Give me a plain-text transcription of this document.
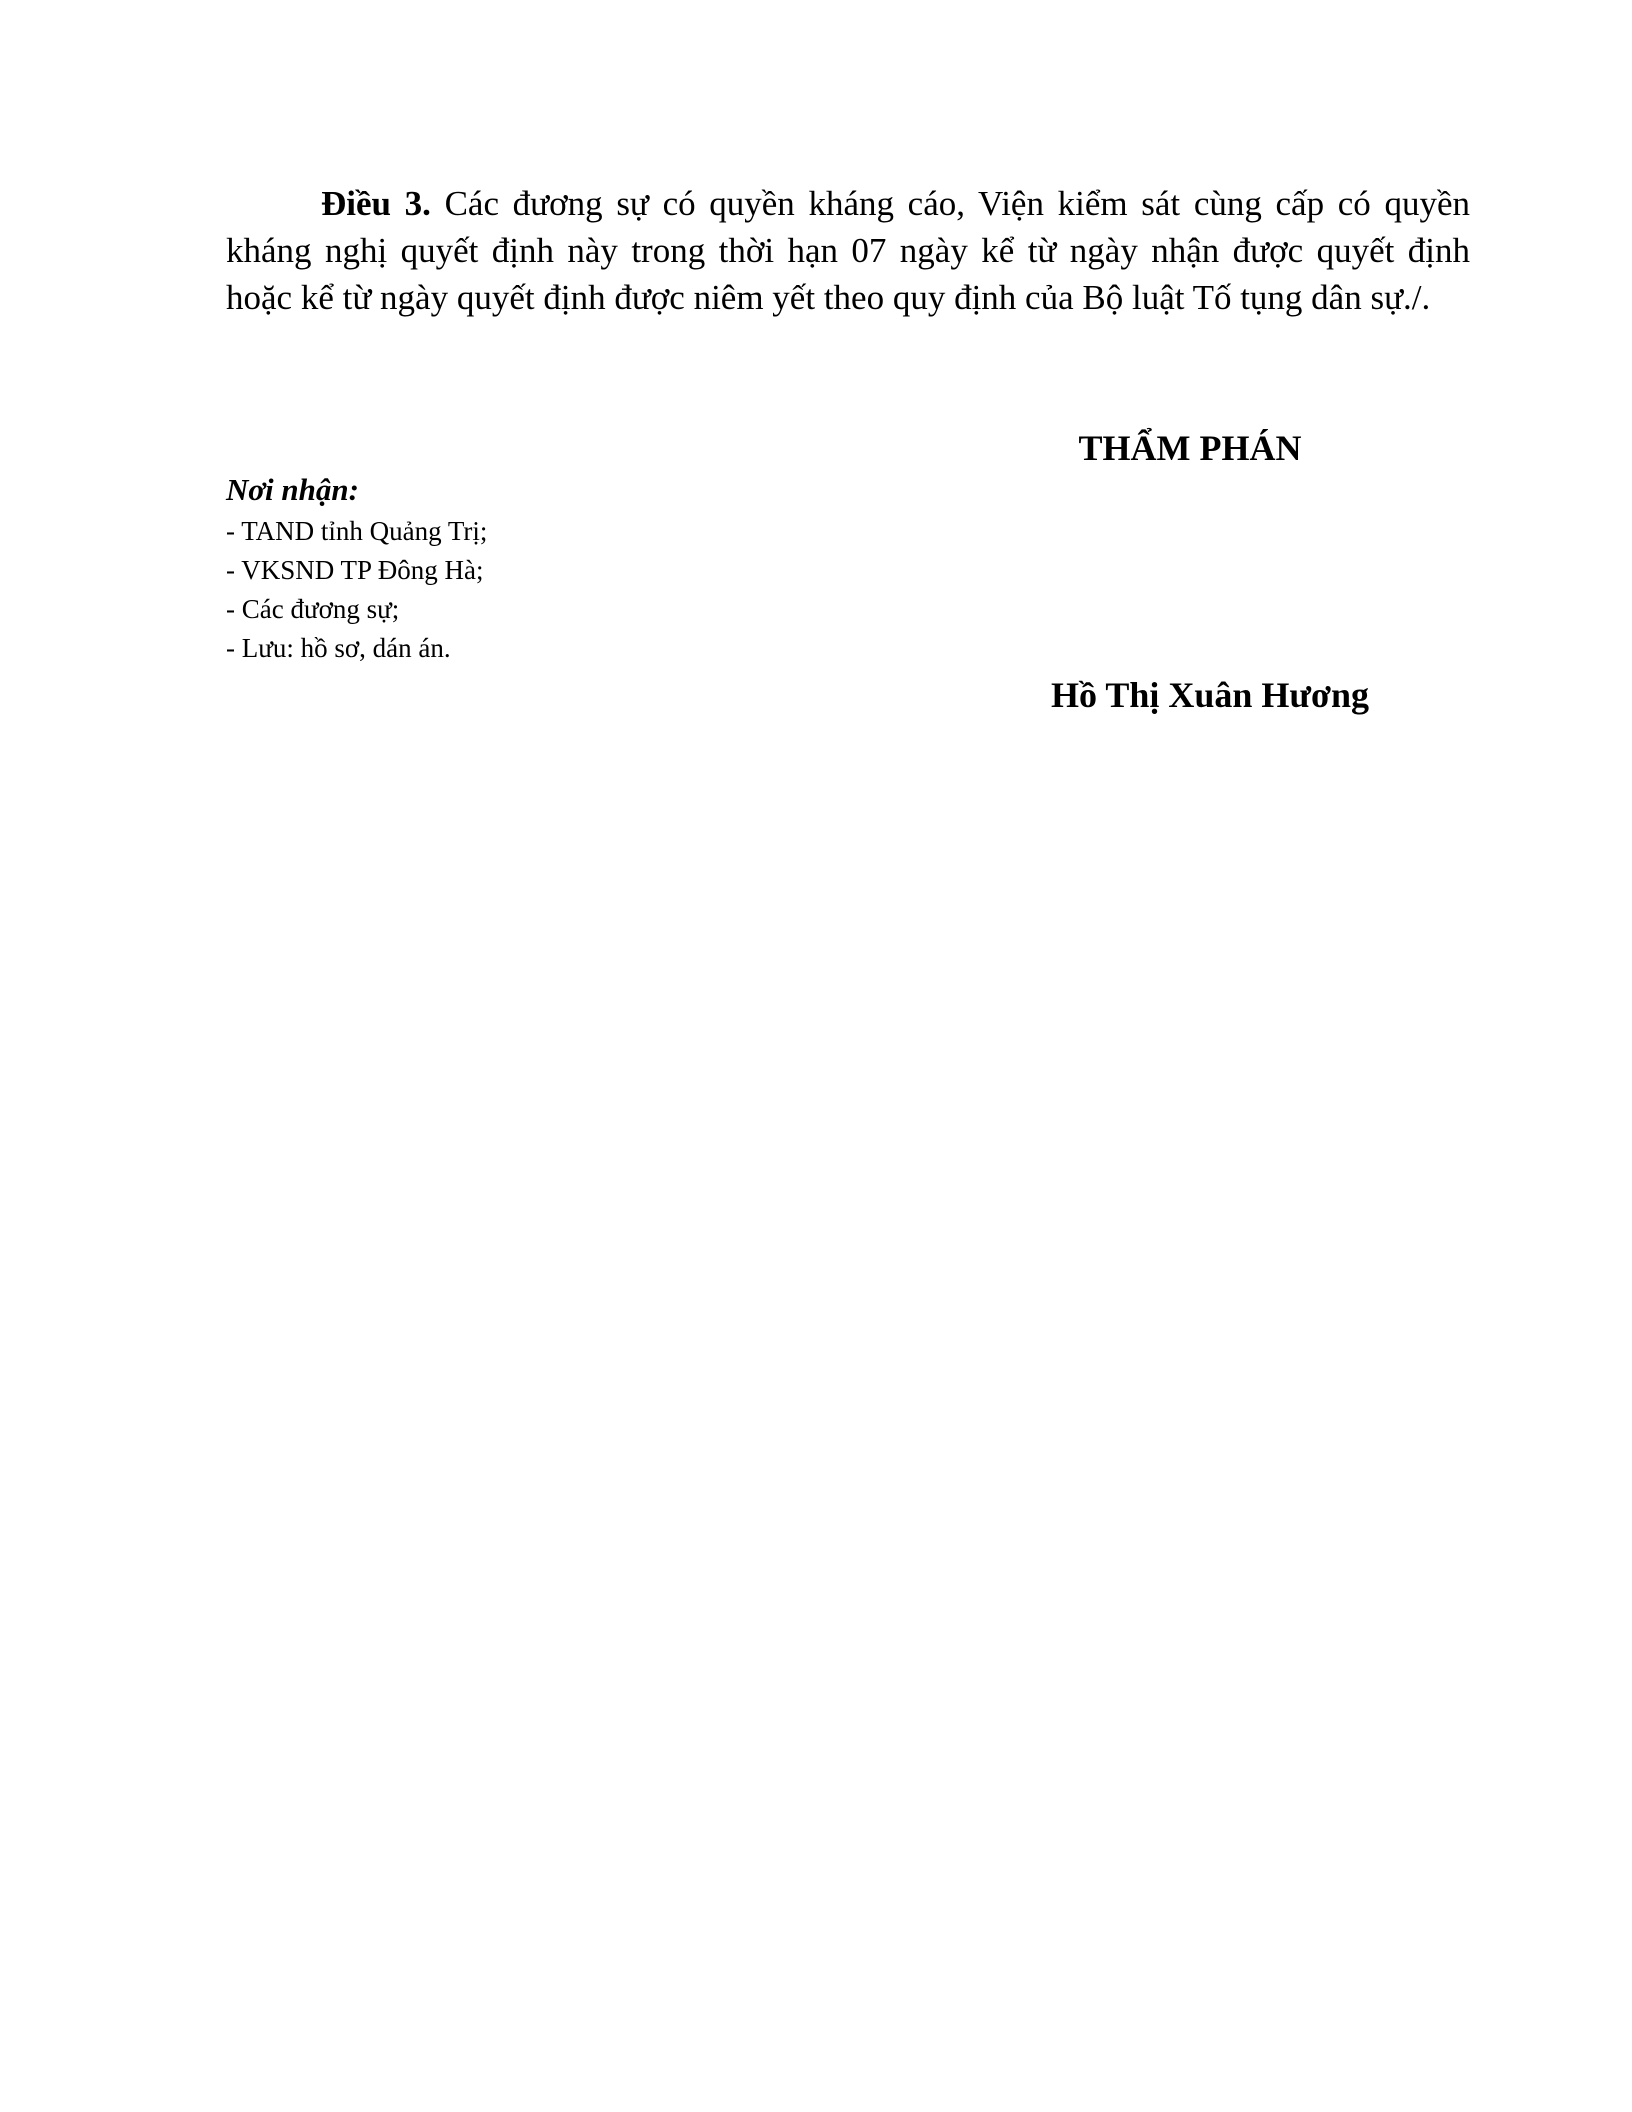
Điều 3. Các đương sự có quyền kháng cáo, Viện kiểm sát cùng cấp có quyền kháng nghị quyết định này trong thời hạn 07 ngày kể từ ngày nhận được quyết định hoặc kể từ ngày quyết định được niêm yết theo quy định của Bộ luật Tố tụng dân sự./.

THẨM PHÁN

Nơi nhận:

- TAND tỉnh Quảng Trị;
- VKSND TP Đông Hà;
- Các đương sự;
- Lưu: hồ sơ, dán án.

Hồ Thị Xuân Hương
